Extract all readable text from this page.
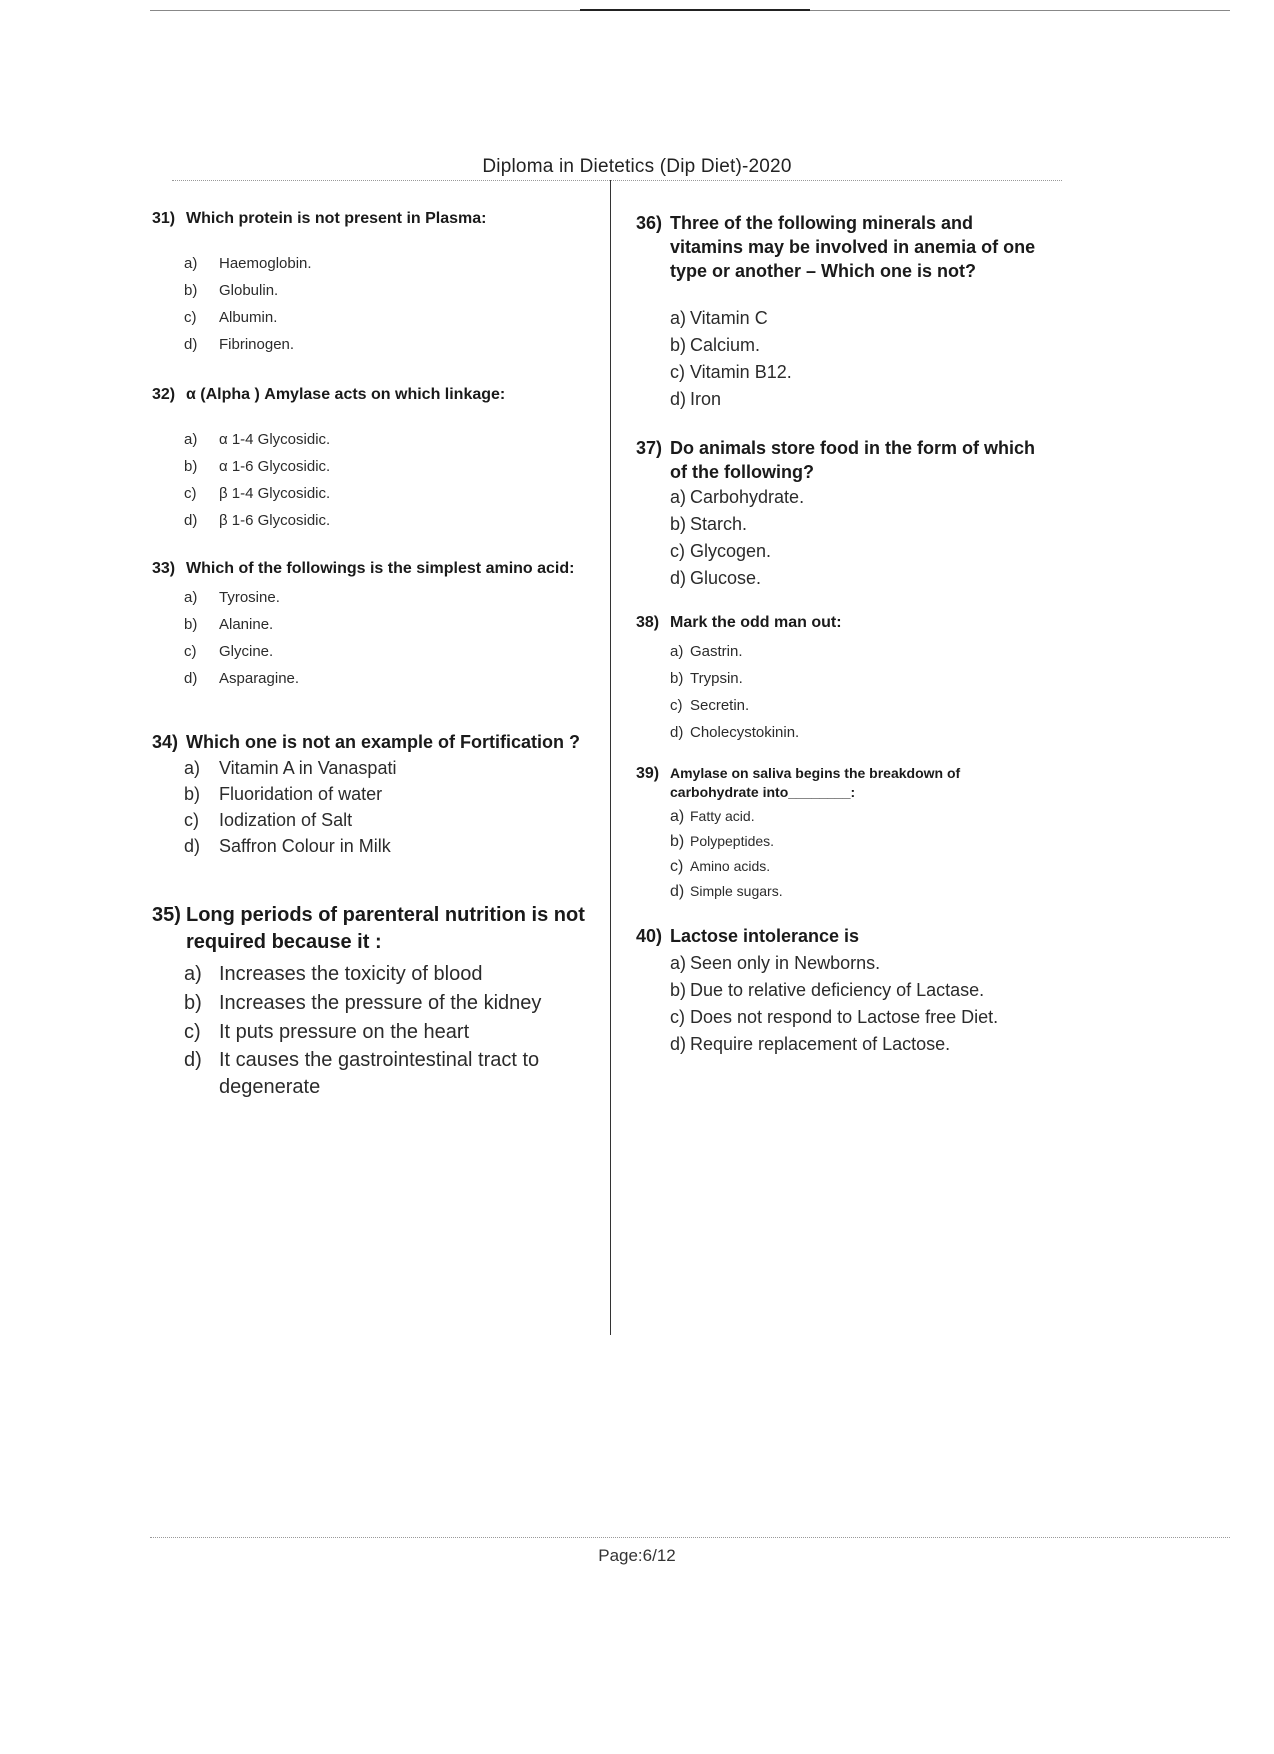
Diploma in Dietetics (Dip Diet)-2020
31) Which protein is not present in Plasma:
a) Haemoglobin.
b) Globulin.
c) Albumin.
d) Fibrinogen.
32) α (Alpha ) Amylase acts on which linkage:
a) α 1-4 Glycosidic.
b) α 1-6 Glycosidic.
c) β 1-4 Glycosidic.
d) β 1-6 Glycosidic.
33) Which of the followings is the simplest amino acid:
a) Tyrosine.
b) Alanine.
c) Glycine.
d) Asparagine.
34) Which one is not an example of Fortification ?
a) Vitamin A in Vanaspati
b) Fluoridation of water
c) Iodization of Salt
d) Saffron Colour in Milk
35) Long periods of parenteral nutrition is not required because it :
a) Increases the toxicity of blood
b) Increases the pressure of the kidney
c) It puts pressure on the heart
d) It causes the gastrointestinal tract to degenerate
36) Three of the following minerals and vitamins may be involved in anemia of one type or another – Which one is not?
a) Vitamin C
b) Calcium.
c) Vitamin B12.
d) Iron
37) Do animals store food in the form of which of the following?
a) Carbohydrate.
b) Starch.
c) Glycogen.
d) Glucose.
38) Mark the odd man out:
a) Gastrin.
b) Trypsin.
c) Secretin.
d) Cholecystokinin.
39) Amylase on saliva begins the breakdown of carbohydrate into________:
a) Fatty acid.
b) Polypeptides.
c) Amino acids.
d) Simple sugars.
40) Lactose intolerance is
a) Seen only in Newborns.
b) Due to relative deficiency of Lactase.
c) Does not respond to Lactose free Diet.
d) Require replacement of Lactose.
Page:6/12
